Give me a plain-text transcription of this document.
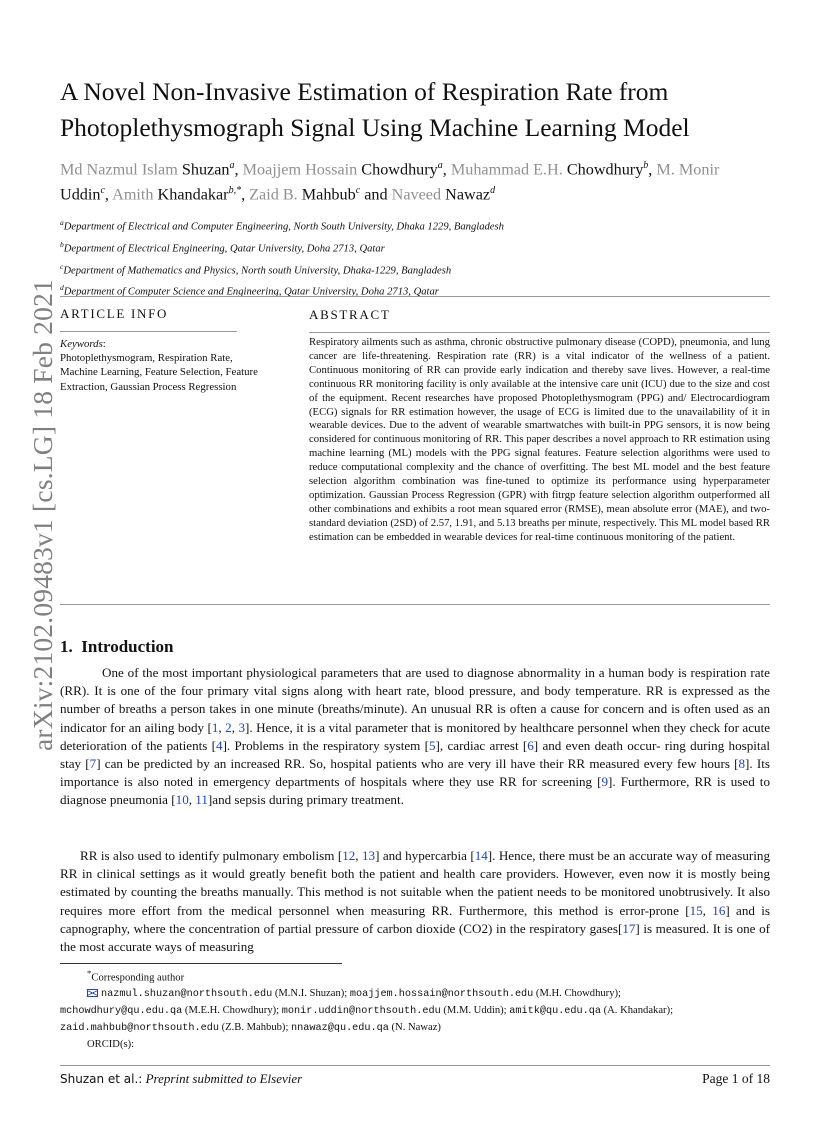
arXiv:2102.09483v1 [cs.LG] 18 Feb 2021
A Novel Non-Invasive Estimation of Respiration Rate from Photoplethysmograph Signal Using Machine Learning Model
Md Nazmul Islam Shuzan$^a$, Moajjem Hossain Chowdhury$^a$, Muhammad E.H. Chowdhury$^b$, M. Monir Uddin$^c$, Amith Khandakar$^{b,*}$, Zaid B. Mahbub$^c$ and Naveed Nawaz$^d$
$^a$Department of Electrical and Computer Engineering, North South University, Dhaka 1229, Bangladesh
$^b$Department of Electrical Engineering, Qatar University, Doha 2713, Qatar
$^c$Department of Mathematics and Physics, North south University, Dhaka-1229, Bangladesh
$^d$Department of Computer Science and Engineering, Qatar University, Doha 2713, Qatar
ARTICLE INFO	ABSTRACT
Keywords:
Photoplethysmogram, Respiration Rate, Machine Learning, Feature Selection, Feature Extraction, Gaussian Process Regression
Respiratory ailments such as asthma, chronic obstructive pulmonary disease (COPD), pneumonia, and lung cancer are life-threatening. Respiration rate (RR) is a vital indicator of the wellness of a patient. Continuous monitoring of RR can provide early indication and thereby save lives. However, a real-time continuous RR monitoring facility is only available at the intensive care unit (ICU) due to the size and cost of the equipment. Recent researches have proposed Photoplethysmogram (PPG) and/ Electrocardiogram (ECG) signals for RR estimation however, the usage of ECG is limited due to the unavailability of it in wearable devices. Due to the advent of wearable smartwatches with built-in PPG sensors, it is now being considered for continuous monitoring of RR. This paper describes a novel approach to RR estimation using machine learning (ML) models with the PPG signal features. Feature selection algorithms were used to reduce computational complexity and the chance of overfitting. The best ML model and the best feature selection algorithm combination was fine-tuned to optimize its performance using hyperparameter optimization. Gaussian Process Regression (GPR) with fitrgp feature selection algorithm outperformed all other combinations and exhibits a root mean squared error (RMSE), mean absolute error (MAE), and two-standard deviation (2SD) of 2.57, 1.91, and 5.13 breaths per minute, respectively. This ML model based RR estimation can be embedded in wearable devices for real-time continuous monitoring of the patient.
1. Introduction

One of the most important physiological parameters that are used to diagnose abnormality in a human body is respiration rate (RR). It is one of the four primary vital signs along with heart rate, blood pressure, and body temperature. RR is expressed as the number of breaths a person takes in one minute (breaths/minute). An unusual RR is often a cause for concern and is often used as an indicator for an ailing body [1, 2, 3]. Hence, it is a vital parameter that is monitored by healthcare personnel when they check for acute deterioration of the patients [4]. Problems in the respiratory system [5], cardiac arrest [6] and even death occur- ring during hospital stay [7] can be predicted by an increased RR. So, hospital patients who are very ill have their RR measured every few hours [8]. Its importance is also noted in emergency departments of hospitals where they use RR for screening [9]. Furthermore, RR is used to diagnose pneumonia [10, 11]and sepsis during primary treatment.

RR is also used to identify pulmonary embolism [12, 13] and hypercarbia [14]. Hence, there must be an accurate way of measuring RR in clinical settings as it would greatly benefit both the patient and health care providers. However, even now it is mostly being estimated by counting the breaths manually. This method is not suitable when the patient needs to be monitored unobtrusively. It also requires more effort from the medical personnel when measuring RR. Furthermore, this method is error-prone [15, 16] and is capnography, where the concentration of partial pressure of carbon dioxide (CO2) in the respiratory gases[17] is measured. It is one of the most accurate ways of measuring

*Corresponding author
nazmul.shuzan@northsouth.edu (M.N.I. Shuzan); moajjem.hossain@northsouth.edu (M.H. Chowdhury);
mchowdhury@qu.edu.qa (M.E.H. Chowdhury); monir.uddin@northsouth.edu (M.M. Uddin); amitk@qu.edu.qa (A. Khandakar);
zaid.mahbub@northsouth.edu (Z.B. Mahbub); nnawaz@qu.edu.qa (N. Nawaz)
ORCID(s):
Shuzan et al.: Preprint submitted to Elsevier	Page 1 of 18
